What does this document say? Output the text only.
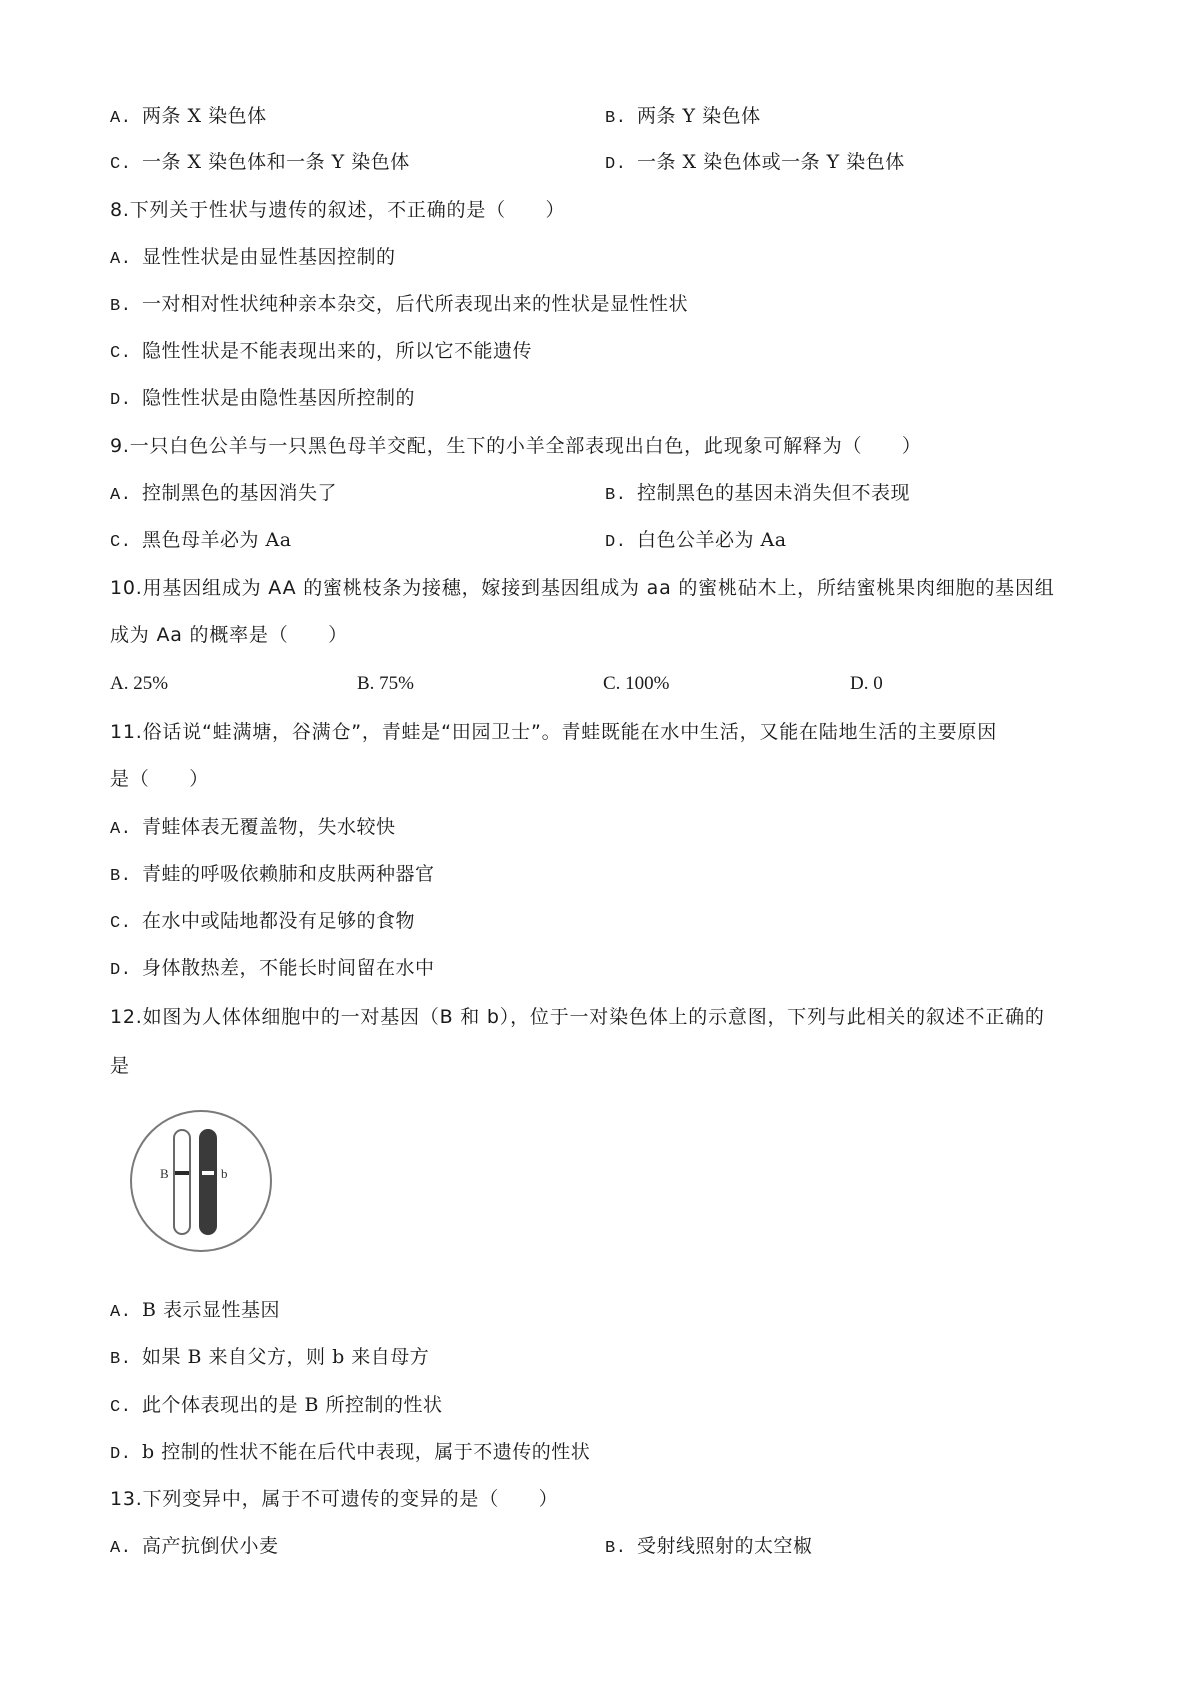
A. 两条 X 染色体	B. 两条 Y 染色体
C. 一条 X 染色体和一条 Y 染色体	D. 一条 X 染色体或一条 Y 染色体
8.下列关于性状与遗传的叙述，不正确的是（　　）
A. 显性性状是由显性基因控制的
B. 一对相对性状纯种亲本杂交，后代所表现出来的性状是显性性状
C. 隐性性状是不能表现出来的，所以它不能遗传
D. 隐性性状是由隐性基因所控制的
9.一只白色公羊与一只黑色母羊交配，生下的小羊全部表现出白色，此现象可解释为（　　）
A. 控制黑色的基因消失了	B. 控制黑色的基因未消失但不表现
C. 黑色母羊必为 Aa	D. 白色公羊必为 Aa
10.用基因组成为 AA 的蜜桃枝条为接穗，嫁接到基因组成为 aa 的蜜桃砧木上，所结蜜桃果肉细胞的基因组
成为 Aa 的概率是（　　）
A. 25%	B. 75%	C. 100%	D. 0
11.俗话说“蛙满塘，谷满仓”，青蛙是“田园卫士”。青蛙既能在水中生活，又能在陆地生活的主要原因
是（　　）
A. 青蛙体表无覆盖物，失水较快
B. 青蛙的呼吸依赖肺和皮肤两种器官
C. 在水中或陆地都没有足够的食物
D. 身体散热差，不能长时间留在水中
12.如图为人体体细胞中的一对基因（B 和 b），位于一对染色体上的示意图，下列与此相关的叙述不正确的
是
B	b
A. B 表示显性基因
B. 如果 B 来自父方，则 b 来自母方
C. 此个体表现出的是 B 所控制的性状
D. b 控制的性状不能在后代中表现，属于不遗传的性状
13.下列变异中，属于不可遗传的变异的是（　　）
A. 高产抗倒伏小麦	B. 受射线照射的太空椒
